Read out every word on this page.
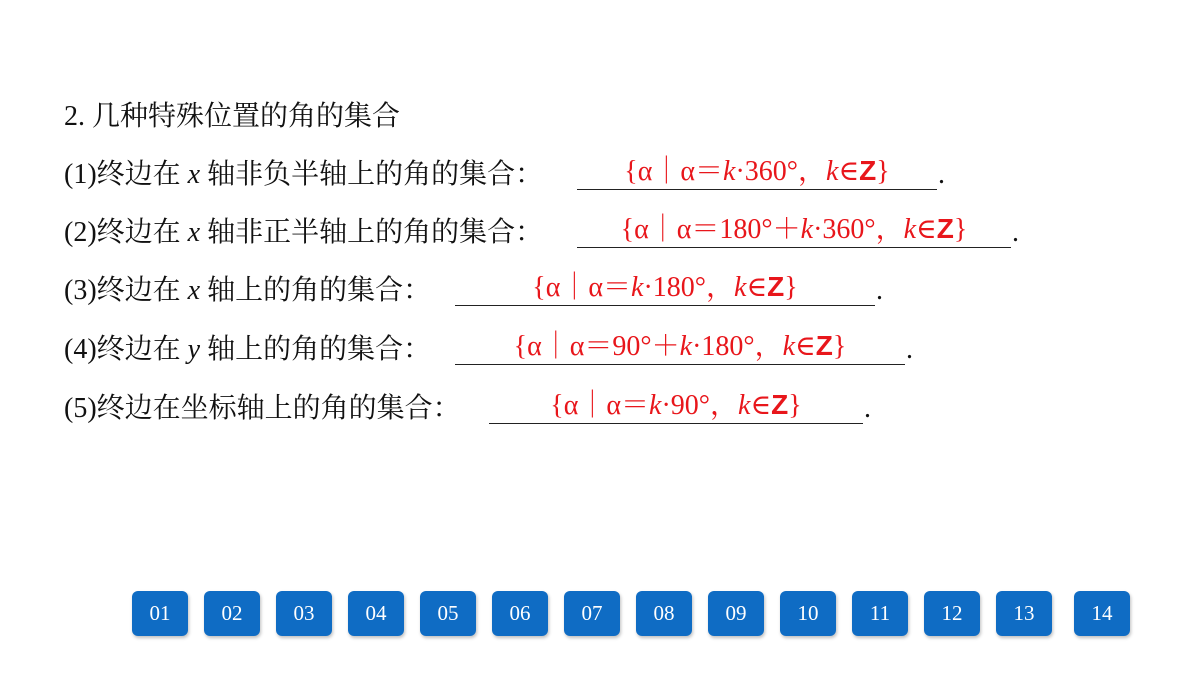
2. 几种特殊位置的角的集合
(1)终边在 x 轴非负半轴上的角的集合：	{α｜α＝k·360°，k∈Z}	.
(2)终边在 x 轴非正半轴上的角的集合：	{α｜α＝180°＋k·360°，k∈Z}	.
(3)终边在 x 轴上的角的集合：	{α｜α＝k·180°，k∈Z}	.
(4)终边在 y 轴上的角的集合：	{α｜α＝90°＋k·180°，k∈Z}	.
(5)终边在坐标轴上的角的集合：	{α｜α＝k·90°，k∈Z}	.
01	02	03	04	05	06	07	08	09	10	11	12	13	14
